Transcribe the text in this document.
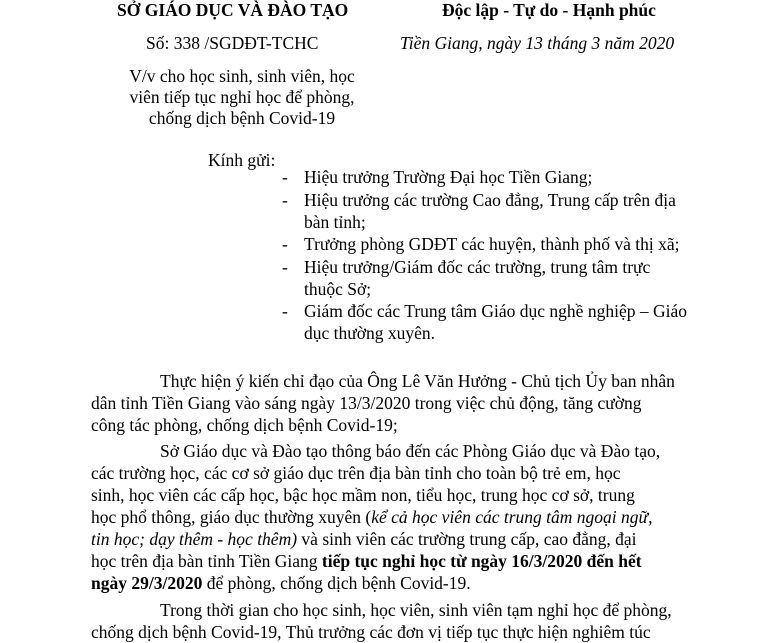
SỞ GIÁO DỤC VÀ ĐÀO TẠO	Độc lập - Tự do - Hạnh phúc
Số: 338 /SGDĐT-TCHC	Tiền Giang, ngày 13 tháng 3 năm 2020
V/v cho học sinh, sinh viên, học
viên tiếp tục nghỉ học để phòng,
chống dịch bệnh Covid-19
Kính gửi:
- Hiệu trưởng Trường Đại học Tiền Giang;
- Hiệu trưởng các trường Cao đẳng, Trung cấp trên địa
bàn tỉnh;
- Trưởng phòng GDĐT các huyện, thành phố và thị xã;
- Hiệu trưởng/Giám đốc các trường, trung tâm trực
thuộc Sở;
- Giám đốc các Trung tâm Giáo dục nghề nghiệp – Giáo
dục thường xuyên.
Thực hiện ý kiến chỉ đạo của Ông Lê Văn Hưởng - Chủ tịch Ủy ban nhân
dân tỉnh Tiền Giang vào sáng ngày 13/3/2020 trong việc chủ động, tăng cường
công tác phòng, chống dịch bệnh Covid-19;
Sở Giáo dục và Đào tạo thông báo đến các Phòng Giáo dục và Đào tạo,
các trường học, các cơ sở giáo dục trên địa bàn tỉnh cho toàn bộ trẻ em, học
sinh, học viên các cấp học, bậc học mầm non, tiểu học, trung học cơ sở, trung
học phổ thông, giáo dục thường xuyên (kể cả học viên các trung tâm ngoại ngữ,
tin học; dạy thêm - học thêm) và sinh viên các trường trung cấp, cao đẳng, đại
học trên địa bàn tỉnh Tiền Giang tiếp tục nghỉ học từ ngày 16/3/2020 đến hết
ngày 29/3/2020 để phòng, chống dịch bệnh Covid-19.
Trong thời gian cho học sinh, học viên, sinh viên tạm nghỉ học để phòng,
chống dịch bệnh Covid-19, Thủ trưởng các đơn vị tiếp tục thực hiện nghiêm túc
